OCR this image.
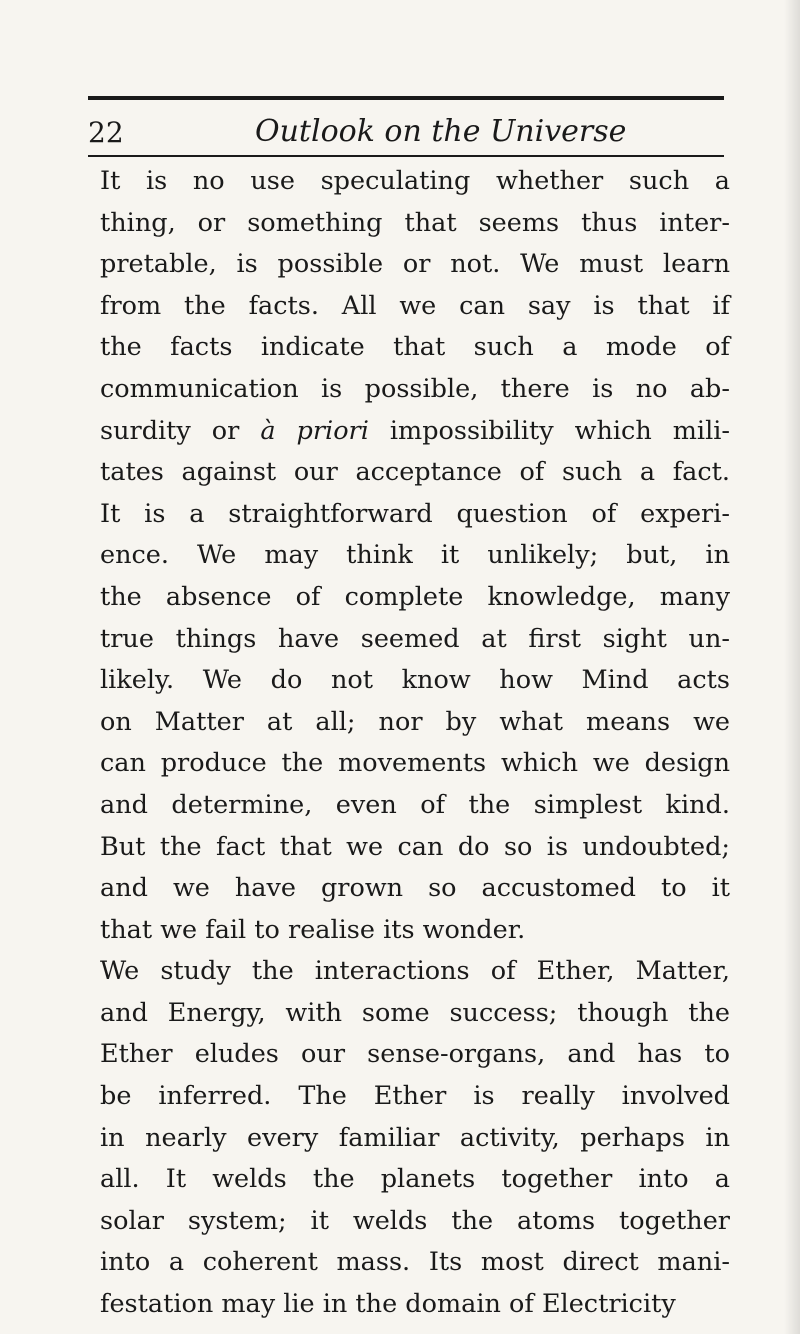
22	Outlook on the Universe
It is no use speculating whether such a
thing, or something that seems thus inter-
pretable, is possible or not. We must learn
from the facts. All we can say is that if
the facts indicate that such a mode of
communication is possible, there is no ab-
surdity or à priori impossibility which mili-
tates against our acceptance of such a fact.
It is a straightforward question of experi-
ence. We may think it unlikely; but, in
the absence of complete knowledge, many
true things have seemed at first sight un-
likely. We do not know how Mind acts
on Matter at all; nor by what means we
can produce the movements which we design
and determine, even of the simplest kind.
But the fact that we can do so is undoubted;
and we have grown so accustomed to it
that we fail to realise its wonder.
We study the interactions of Ether, Matter,
and Energy, with some success; though the
Ether eludes our sense-organs, and has to
be inferred. The Ether is really involved
in nearly every familiar activity, perhaps in
all. It welds the planets together into a
solar system; it welds the atoms together
into a coherent mass. Its most direct mani-
festation may lie in the domain of Electricity
